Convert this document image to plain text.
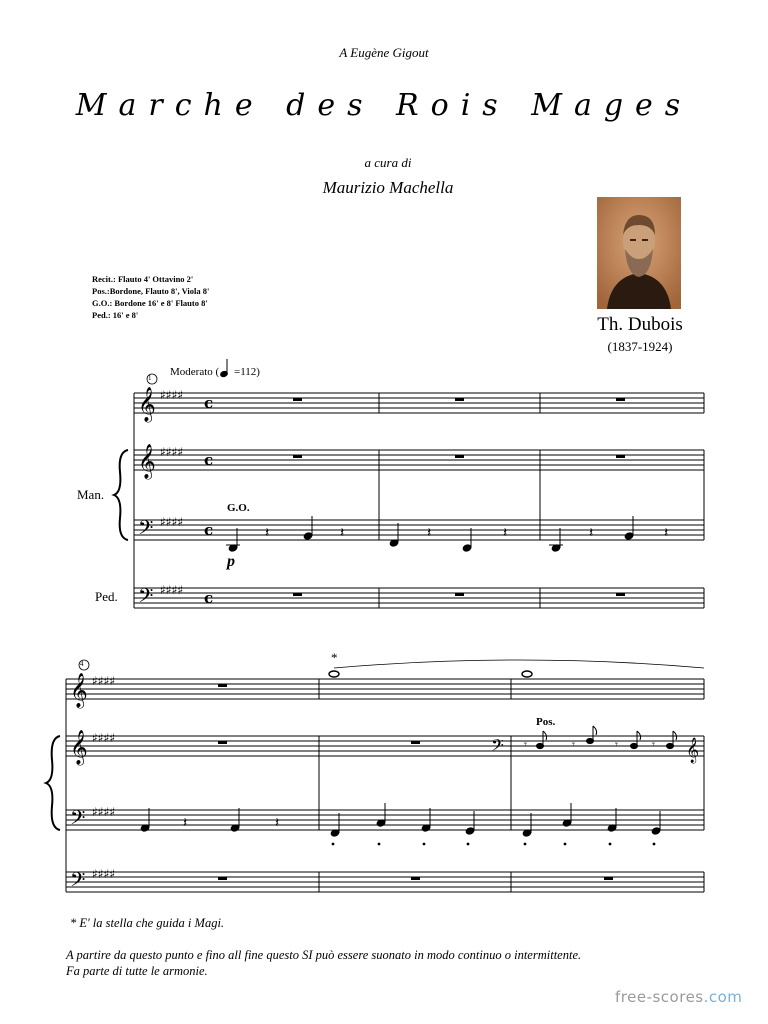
A Eugène Gigout
Marche des Rois Mages
a cura di
Maurizio Machella
Recit.: Flauto 4' Ottavino 2'
Pos.:Bordone, Flauto 8', Viola 8'
G.O.: Bordone 16' e 8' Flauto 8'
Ped.: 16' e 8'	Th. Dubois
(1837-1924)
𝄞
𝄞
𝄢
𝄢
♯♯♯♯
♯♯♯♯
♯♯♯♯
♯♯♯♯
c
c
c
c
𝄞
𝄞
𝄢
𝄢
♯♯♯♯
♯♯♯♯
♯♯♯♯
♯♯♯♯
𝄢	𝄞
𝄽	𝄽	𝄽	𝄽	𝄽	𝄽
𝄽	𝄽
𝄾	𝄾	𝄾	𝄾
1
4
Moderato ( =112)
Man.
Ped.
G.O.
p
*
Pos.
* E' la stella che guida i Magi.
A partire da questo punto e fino all fine questo SI può essere suonato in modo continuo o intermittente.
Fa parte di tutte le armonie.
free-scores.com
